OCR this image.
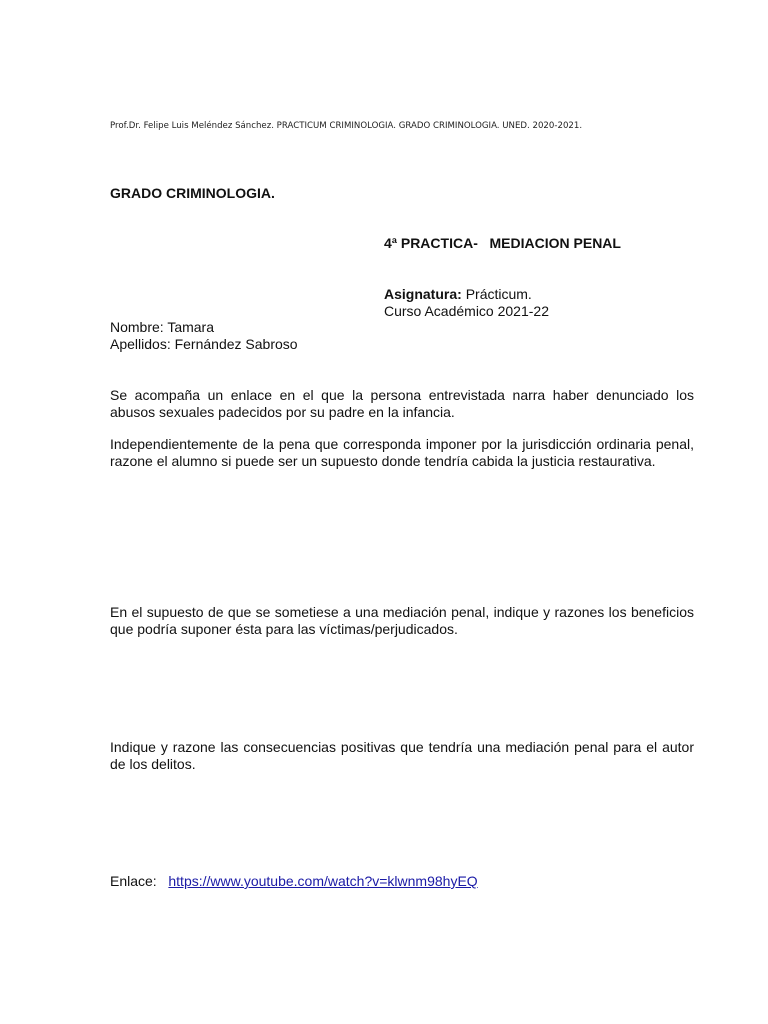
Prof.Dr. Felipe Luis Meléndez Sánchez. PRACTICUM CRIMINOLOGIA. GRADO CRIMINOLOGIA. UNED. 2020-2021.
GRADO CRIMINOLOGIA.
4ª PRACTICA-   MEDIACION PENAL
Asignatura: Prácticum.
Curso Académico 2021-22
Nombre: Tamara
Apellidos: Fernández Sabroso
Se acompaña un enlace en el que la persona entrevistada narra haber denunciado los abusos sexuales padecidos por su padre en la infancia.
Independientemente de la pena que corresponda imponer por la jurisdicción ordinaria penal, razone el alumno si puede ser un supuesto donde tendría cabida la justicia restaurativa.
En el supuesto de que se sometiese a una mediación penal, indique y razones los beneficios que podría suponer ésta para las víctimas/perjudicados.
Indique y razone las consecuencias positivas que tendría una mediación penal para el autor de los delitos.
Enlace: https://www.youtube.com/watch?v=klwnm98hyEQ
